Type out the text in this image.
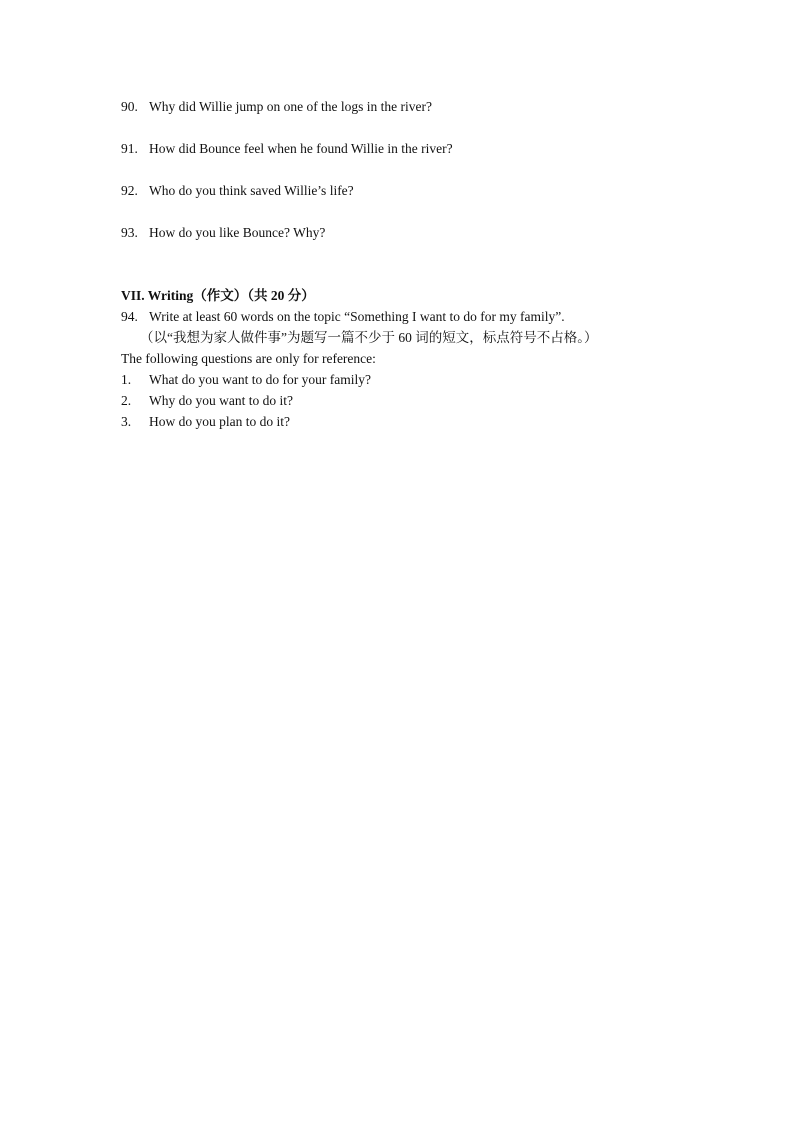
90. Why did Willie jump on one of the logs in the river?
91. How did Bounce feel when he found Willie in the river?
92. Who do you think saved Willie’s life?
93. How do you like Bounce? Why?
VII. Writing（作文）（共 20 分）
94. Write at least 60 words on the topic “Something I want to do for my family”.
（以“我想为家人做件事”为题写一篇不少于 60 词的短文，标点符号不占格。）
The following questions are only for reference:
1. What do you want to do for your family?
2. Why do you want to do it?
3. How do you plan to do it?
